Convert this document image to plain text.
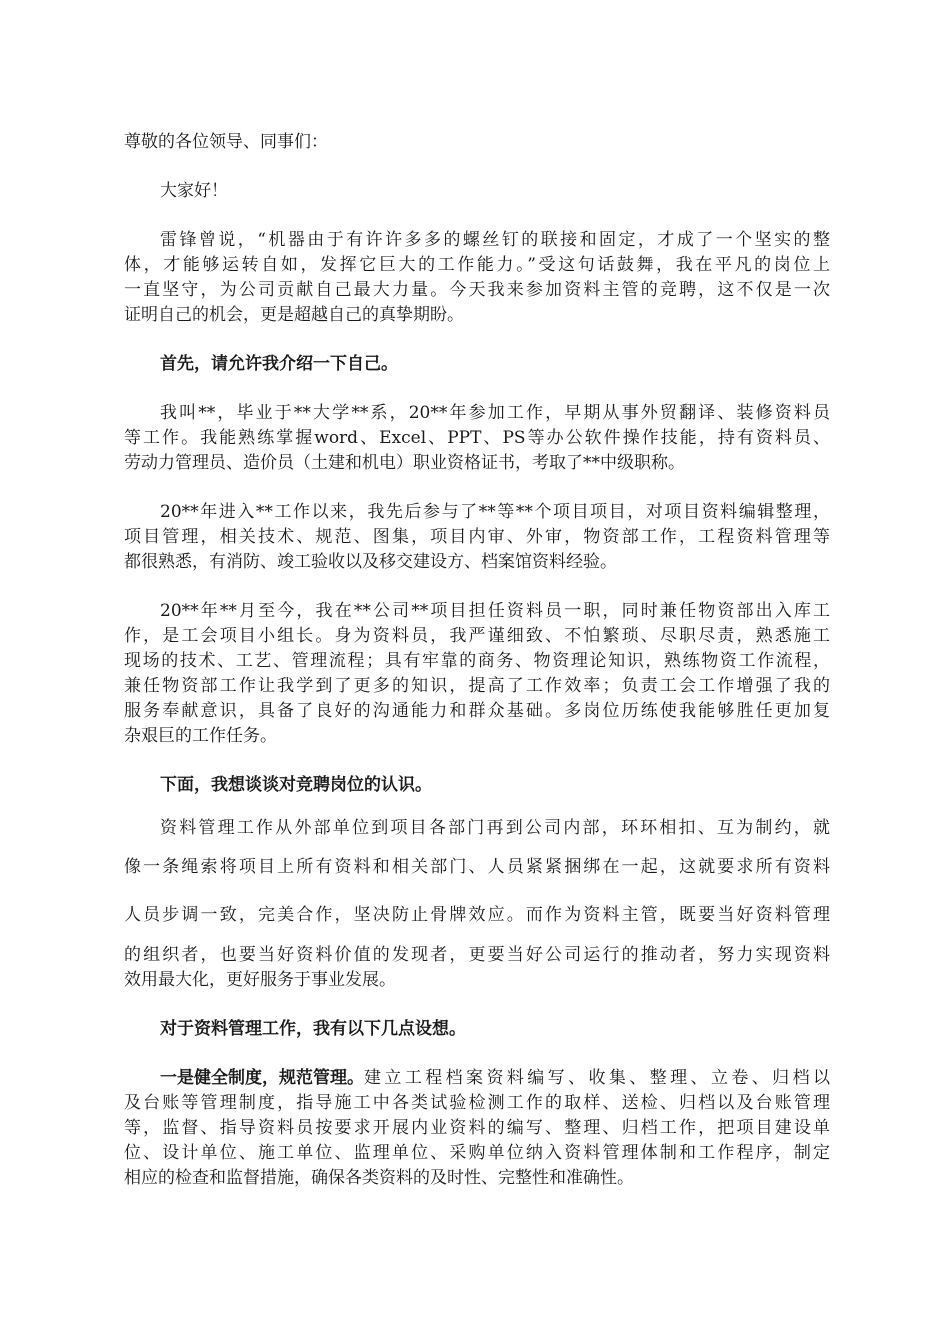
尊敬的各位领导、同事们：
大家好！
雷锋曾说，“机器由于有许许多多的螺丝钉的联接和固定，才成了一个坚实的整
体，才能够运转自如，发挥它巨大的工作能力。”受这句话鼓舞，我在平凡的岗位上
一直坚守，为公司贡献自己最大力量。今天我来参加资料主管的竞聘，这不仅是一次
证明自己的机会，更是超越自己的真挚期盼。
首先，请允许我介绍一下自己。
我叫**，毕业于**大学**系，20**年参加工作，早期从事外贸翻译、装修资料员
等工作。我能熟练掌握word、Excel、PPT、PS等办公软件操作技能，持有资料员、
劳动力管理员、造价员（土建和机电）职业资格证书，考取了**中级职称。
20**年进入**工作以来，我先后参与了**等**个项目项目，对项目资料编辑整理，
项目管理，相关技术、规范、图集，项目内审、外审，物资部工作，工程资料管理等
都很熟悉，有消防、竣工验收以及移交建设方、档案馆资料经验。
20**年**月至今，我在**公司**项目担任资料员一职，同时兼任物资部出入库工
作，是工会项目小组长。身为资料员，我严谨细致、不怕繁琐、尽职尽责，熟悉施工
现场的技术、工艺、管理流程；具有牢靠的商务、物资理论知识，熟练物资工作流程，
兼任物资部工作让我学到了更多的知识，提高了工作效率；负责工会工作增强了我的
服务奉献意识，具备了良好的沟通能力和群众基础。多岗位历练使我能够胜任更加复
杂艰巨的工作任务。
下面，我想谈谈对竞聘岗位的认识。
资料管理工作从外部单位到项目各部门再到公司内部，环环相扣、互为制约，就
像一条绳索将项目上所有资料和相关部门、人员紧紧捆绑在一起，这就要求所有资料
人员步调一致，完美合作，坚决防止骨牌效应。而作为资料主管，既要当好资料管理
的组织者，也要当好资料价值的发现者，更要当好公司运行的推动者，努力实现资料
效用最大化，更好服务于事业发展。
对于资料管理工作，我有以下几点设想。
一是健全制度，规范管理。 建立工程档案资料编写、收集、整理、立卷、归档以
及台账等管理制度，指导施工中各类试验检测工作的取样、送检、归档以及台账管理
等，监督、指导资料员按要求开展内业资料的编写、整理、归档工作，把项目建设单
位、设计单位、施工单位、监理单位、采购单位纳入资料管理体制和工作程序，制定
相应的检查和监督措施，确保各类资料的及时性、完整性和准确性。
